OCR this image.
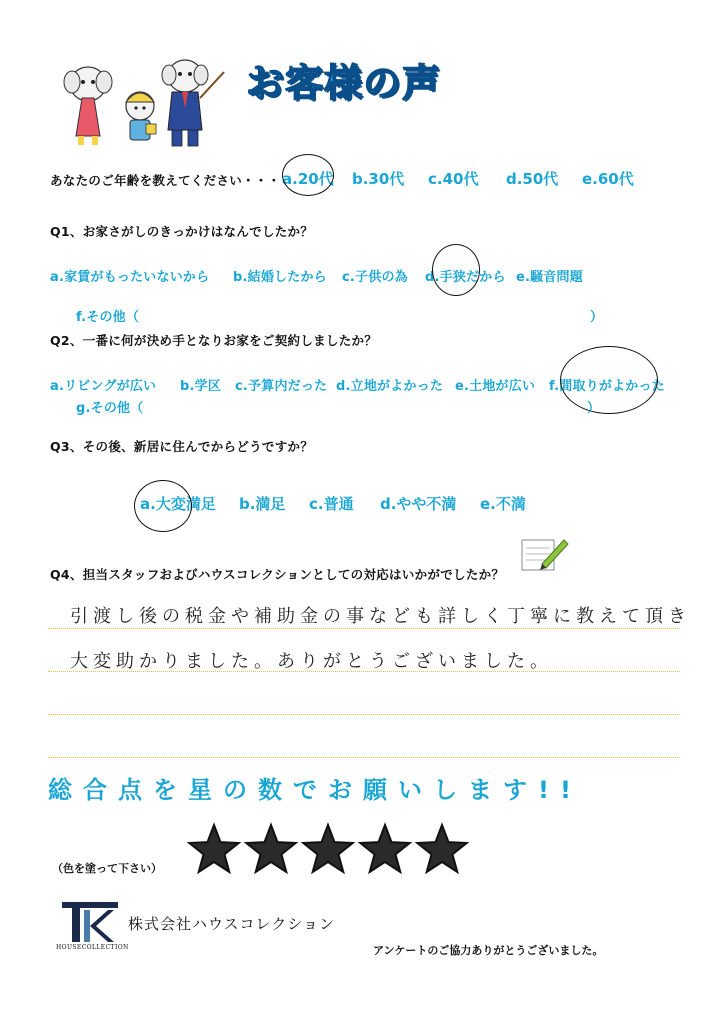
お客様の声
あなたのご年齢を教えてください・・・ a.20代 b.30代 c.40代 d.50代 e.60代
Q1、お家さがしのきっかけはなんでしたか？
a.家賃がもったいないから b.結婚したから c.子供の為 d.手狭だから e.騒音問題
f.その他（	）
Q2、一番に何が決め手となりお家をご契約しましたか？
a.リビングが広い b.学区 c.予算内だった d.立地がよかった e.土地が広い f.間取りがよかった
g.その他（	）
Q3、その後、新居に住んでからどうですか？
a.大変満足 b.満足 c.普通 d.やや不満 e.不満
Q4、担当スタッフおよびハウスコレクションとしての対応はいかがでしたか？
引渡し後の税金や補助金の事なども詳しく丁寧に教えて頂き
大変助かりました。ありがとうございました。
総合点を星の数でお願いします!!
（色を塗って下さい）
HOUSECOLLECTION
株式会社ハウスコレクション
アンケートのご協力ありがとうございました。
